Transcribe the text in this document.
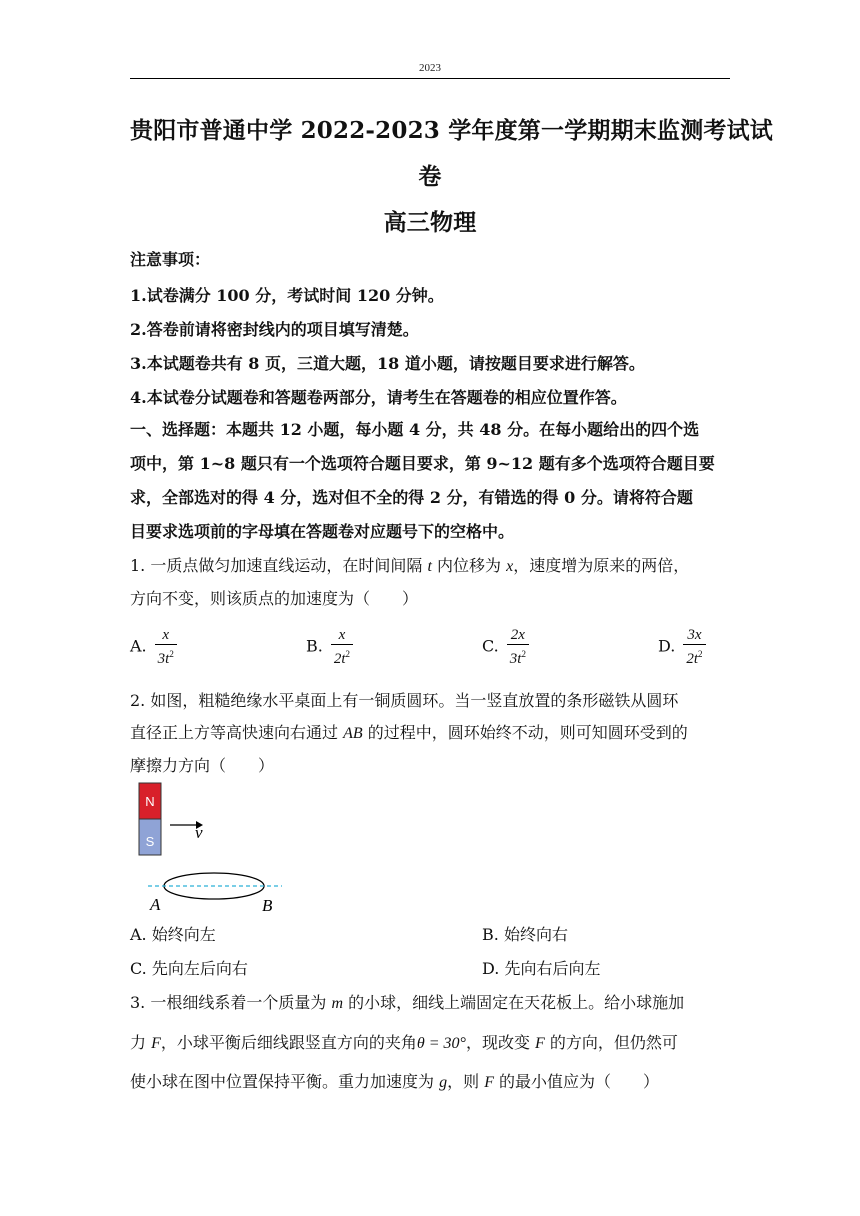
2023
贵阳市普通中学 2022-2023 学年度第一学期期末监测考试试
卷
高三物理
注意事项：
1.试卷满分 100 分，考试时间 120 分钟。
2.答卷前请将密封线内的项目填写清楚。
3.本试题卷共有 8 页，三道大题，18 道小题，请按题目要求进行解答。
4.本试卷分试题卷和答题卷两部分，请考生在答题卷的相应位置作答。
一、选择题：本题共 12 小题，每小题 4 分，共 48 分。在每小题给出的四个选
项中，第 1~8 题只有一个选项符合题目要求，第 9~12 题有多个选项符合题目要
求，全部选对的得 4 分，选对但不全的得 2 分，有错选的得 0 分。请将符合题
目要求选项前的字母填在答题卷对应题号下的空格中。
1. 一质点做匀加速直线运动，在时间间隔 t 内位移为 x，速度增为原来的两倍，
方向不变，则该质点的加速度为（　　）
A. $\frac{x}{3t^2}$	B. $\frac{x}{2t^2}$	C. $\frac{2x}{3t^2}$	D. $\frac{3x}{2t^2}$
2. 如图，粗糙绝缘水平桌面上有一铜质圆环。当一竖直放置的条形磁铁从圆环
直径正上方等高快速向右通过 AB 的过程中，圆环始终不动，则可知圆环受到的
摩擦力方向（　　）
N
S v
A	B
A. 始终向左	B. 始终向右
C. 先向左后向右	D. 先向右后向左
3. 一根细线系着一个质量为 m 的小球，细线上端固定在天花板上。给小球施加
力 F，小球平衡后细线跟竖直方向的夹角θ = 30°，现改变 F 的方向，但仍然可
使小球在图中位置保持平衡。重力加速度为 g，则 F 的最小值应为（　　）
